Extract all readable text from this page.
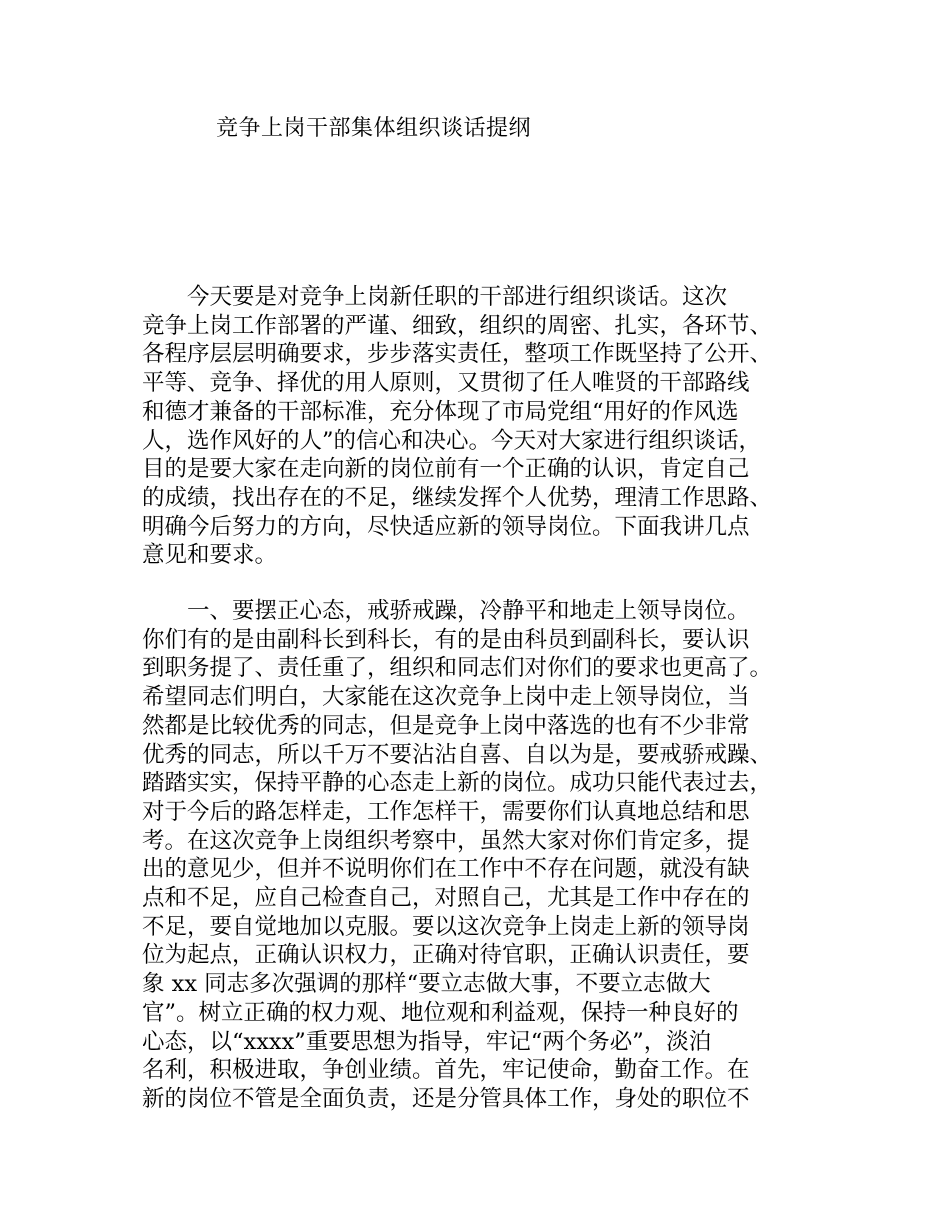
竞争上岗干部集体组织谈话提纲
　　今天要是对竞争上岗新任职的干部进行组织谈话。这次
竞争上岗工作部署的严谨、细致，组织的周密、扎实，各环节、
各程序层层明确要求，步步落实责任，整项工作既坚持了公开、
平等、竞争、择优的用人原则，又贯彻了任人唯贤的干部路线
和德才兼备的干部标准，充分体现了市局党组“用好的作风选
人，选作风好的人”的信心和决心。今天对大家进行组织谈话，
目的是要大家在走向新的岗位前有一个正确的认识，肯定自己
的成绩，找出存在的不足，继续发挥个人优势，理清工作思路、
明确今后努力的方向，尽快适应新的领导岗位。下面我讲几点
意见和要求。
　　一、要摆正心态，戒骄戒躁，冷静平和地走上领导岗位。
你们有的是由副科长到科长，有的是由科员到副科长，要认识
到职务提了、责任重了，组织和同志们对你们的要求也更高了。
希望同志们明白，大家能在这次竞争上岗中走上领导岗位，当
然都是比较优秀的同志，但是竞争上岗中落选的也有不少非常
优秀的同志，所以千万不要沾沾自喜、自以为是，要戒骄戒躁、
踏踏实实，保持平静的心态走上新的岗位。成功只能代表过去，
对于今后的路怎样走，工作怎样干，需要你们认真地总结和思
考。在这次竞争上岗组织考察中，虽然大家对你们肯定多，提
出的意见少，但并不说明你们在工作中不存在问题，就没有缺
点和不足，应自己检查自己，对照自己，尤其是工作中存在的
不足，要自觉地加以克服。要以这次竞争上岗走上新的领导岗
位为起点，正确认识权力，正确对待官职，正确认识责任，要
象 xx 同志多次强调的那样“要立志做大事，不要立志做大
官”。树立正确的权力观、地位观和利益观，保持一种良好的
心态，以“xxxx”重要思想为指导，牢记“两个务必”，淡泊
名利，积极进取，争创业绩。首先，牢记使命，勤奋工作。在
新的岗位不管是全面负责，还是分管具体工作，身处的职位不
